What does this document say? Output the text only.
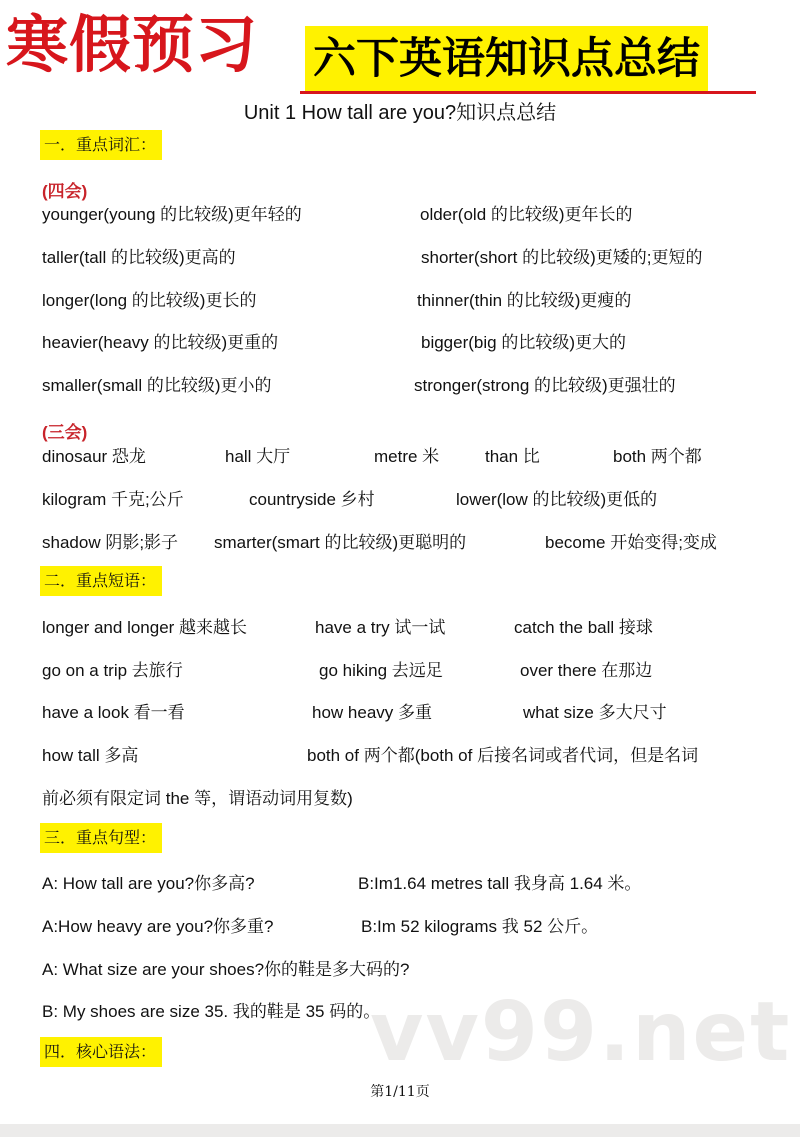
寒假预习 六下英语知识点总结
Unit 1 How tall are you?知识点总结
一．重点词汇：
(四会)
younger(young 的比较级)更年轻的	older(old 的比较级)更年长的
taller(tall 的比较级)更高的	shorter(short 的比较级)更矮的;更短的
longer(long 的比较级)更长的	thinner(thin 的比较级)更瘦的
heavier(heavy 的比较级)更重的	bigger(big 的比较级)更大的
smaller(small 的比较级)更小的	stronger(strong 的比较级)更强壮的
(三会)
dinosaur 恐龙	hall 大厅	metre 米	than 比	both 两个都
kilogram 千克;公斤	countryside 乡村	lower(low 的比较级)更低的
shadow 阴影;影子 smarter(smart 的比较级)更聪明的	become 开始变得;变成
二．重点短语：
longer and longer 越来越长	have a try 试一试	catch the ball 接球
go on a trip 去旅行	go hiking 去远足	over there 在那边
have a look 看一看	how heavy 多重	what size 多大尺寸
how tall 多高	both of 两个都(both of 后接名词或者代词，但是名词
前必须有限定词 the 等，谓语动词用复数)
三．重点句型：
A: How tall are you?你多高?	B:Im1.64 metres tall 我身高 1.64 米。
A:How heavy are you?你多重?	B:Im 52 kilograms 我 52 公斤。
A: What size are your shoes?你的鞋是多大码的?
B: My shoes are size 35. 我的鞋是 35 码的。
vv99.net
四．核心语法：
第1/11页
